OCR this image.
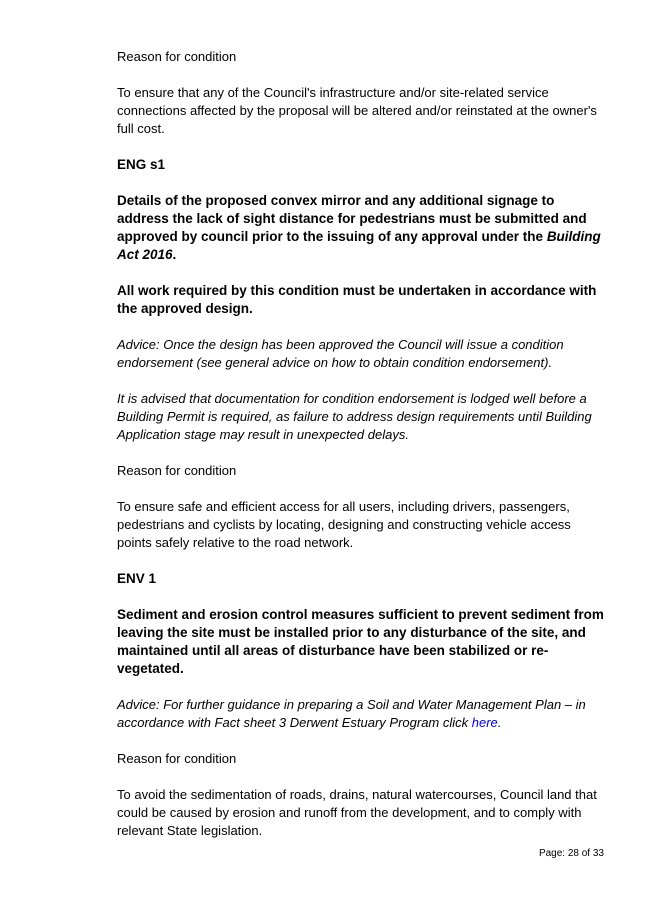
Reason for condition

To ensure that any of the Council's infrastructure and/or site-related service connections affected by the proposal will be altered and/or reinstated at the owner's full cost.

ENG s1

Details of the proposed convex mirror and any additional signage to address the lack of sight distance for pedestrians must be submitted and approved by council prior to the issuing of any approval under the Building Act 2016.

All work required by this condition must be undertaken in accordance with the approved design.

Advice: Once the design has been approved the Council will issue a condition endorsement (see general advice on how to obtain condition endorsement).

It is advised that documentation for condition endorsement is lodged well before a Building Permit is required, as failure to address design requirements until Building Application stage may result in unexpected delays.

Reason for condition

To ensure safe and efficient access for all users, including drivers, passengers, pedestrians and cyclists by locating, designing and constructing vehicle access points safely relative to the road network.

ENV 1

Sediment and erosion control measures sufficient to prevent sediment from leaving the site must be installed prior to any disturbance of the site, and maintained until all areas of disturbance have been stabilized or re-vegetated.

Advice: For further guidance in preparing a Soil and Water Management Plan – in accordance with Fact sheet 3 Derwent Estuary Program click here.

Reason for condition

To avoid the sedimentation of roads, drains, natural watercourses, Council land that could be caused by erosion and runoff from the development, and to comply with relevant State legislation.

Page: 28 of 33
